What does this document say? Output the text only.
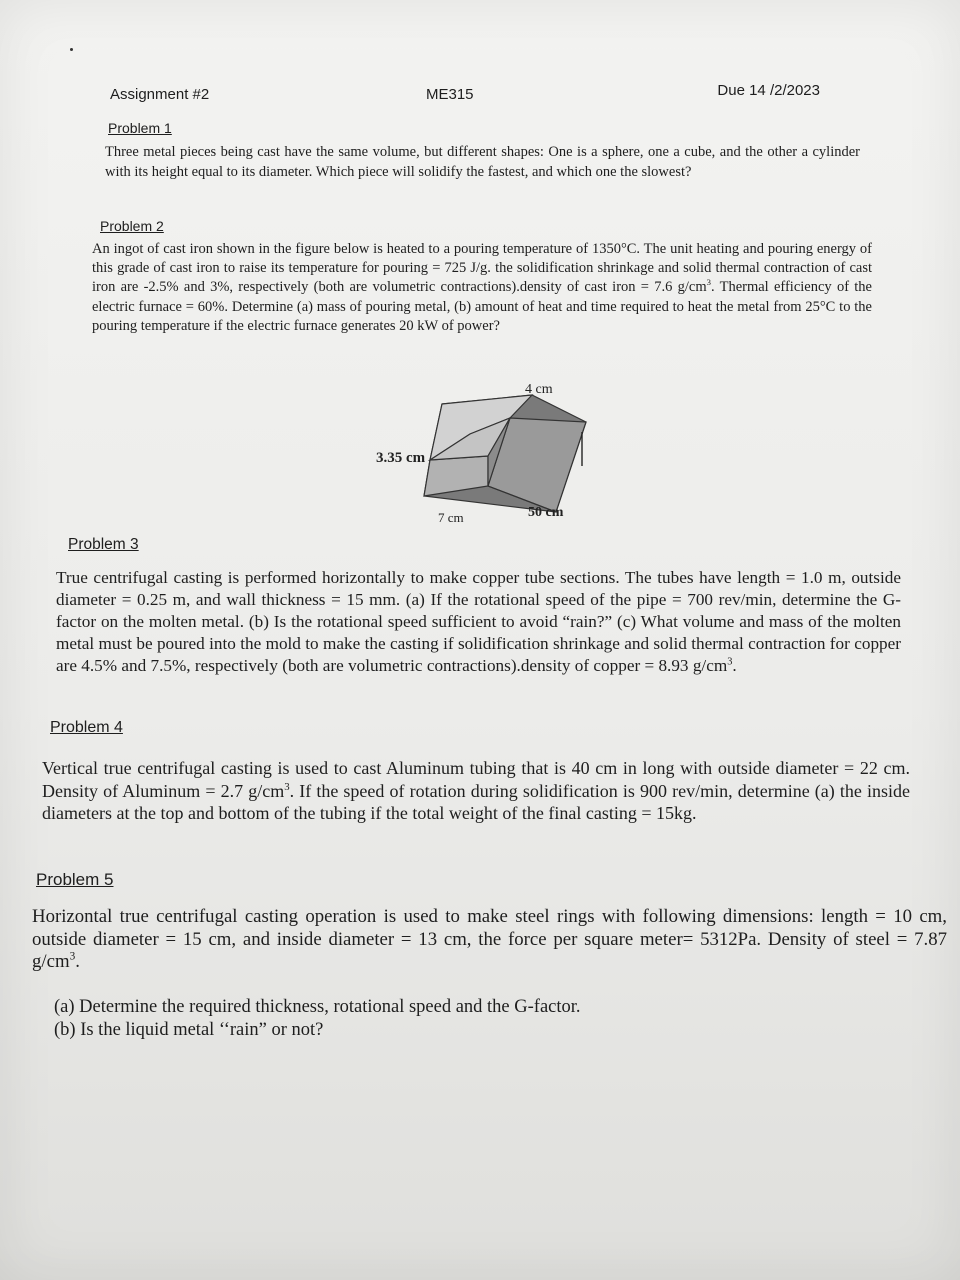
Assignment #2	ME315	Due 14 /2/2023
Problem 1
Three metal pieces being cast have the same volume, but different shapes: One is a sphere, one a cube, and the other a cylinder with its height equal to its diameter. Which piece will solidify the fastest, and which one the slowest?
Problem 2
An ingot of cast iron shown in the figure below is heated to a pouring temperature of 1350°C. The unit heating and pouring energy of this grade of cast iron to raise its temperature for pouring = 725 J/g. the solidification shrinkage and solid thermal contraction of cast iron are -2.5% and 3%, respectively (both are volumetric contractions).density of cast iron = 7.6 $g/cm^3$. Thermal efficiency of the electric furnace = 60%. Determine (a) mass of pouring metal, (b) amount of heat and time required to heat the metal from 25°C to the pouring temperature if the electric furnace generates 20 kW of power?
4 cm
3.35 cm
7 cm	50 cm
Problem 3
True centrifugal casting is performed horizontally to make copper tube sections. The tubes have length = 1.0 m, outside diameter = 0.25 m, and wall thickness = 15 mm. (a) If the rotational speed of the pipe = 700 rev/min, determine the G-factor on the molten metal. (b) Is the rotational speed sufficient to avoid “rain?” (c) What volume and mass of the molten metal must be poured into the mold to make the casting if solidification shrinkage and solid thermal contraction for copper are 4.5% and 7.5%, respectively (both are volumetric contractions).density of copper = 8.93 $g/cm^3$.
Problem 4
Vertical true centrifugal casting is used to cast Aluminum tubing that is 40 cm in long with outside diameter = 22 cm. Density of Aluminum = 2.7 $g/cm^3$. If the speed of rotation during solidification is 900 rev/min, determine (a) the inside diameters at the top and bottom of the tubing if the total weight of the final casting = 15kg.
Problem 5
Horizontal true centrifugal casting operation is used to make steel rings with following dimensions: length = 10 cm, outside diameter = 15 cm, and inside diameter = 13 cm, the force per square meter= 5312Pa. Density of steel = 7.87 $g/cm^3$.
(a) Determine the required thickness, rotational speed and the G-factor.
(b) Is the liquid metal ‘‘rain” or not?
